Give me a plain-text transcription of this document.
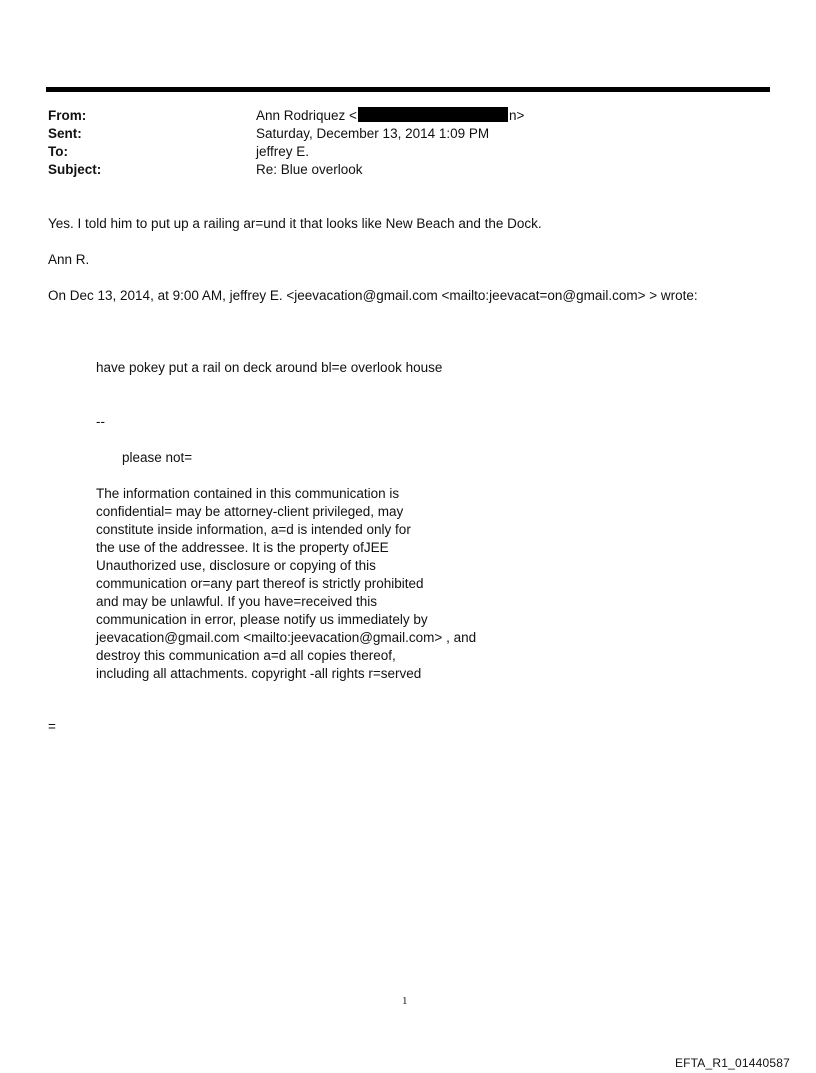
From:	Ann Rodriquez <	n>
Sent:	Saturday, December 13, 2014 1:09 PM
To:	jeffrey E.
Subject:	Re: Blue overlook
Yes. I told him to put up a railing ar=und it that looks like New Beach and the Dock.
Ann R.
On Dec 13, 2014, at 9:00 AM, jeffrey E. <jeevacation@gmail.com <mailto:jeevacat=on@gmail.com> > wrote:
have pokey put a rail on deck around bl=e overlook house
--
please not=
The information contained in this communication is
confidential= may be attorney-client privileged, may
constitute inside information, a=d is intended only for
the use of the addressee. It is the property ofJEE
Unauthorized use, disclosure or copying of this
communication or=any part thereof is strictly prohibited
and may be unlawful. If you have=received this
communication in error, please notify us immediately by
jeevacation@gmail.com <mailto:jeevacation@gmail.com> , and
destroy this communication a=d all copies thereof,
including all attachments. copyright -all rights r=served
=
1
EFTA_R1_01440587
